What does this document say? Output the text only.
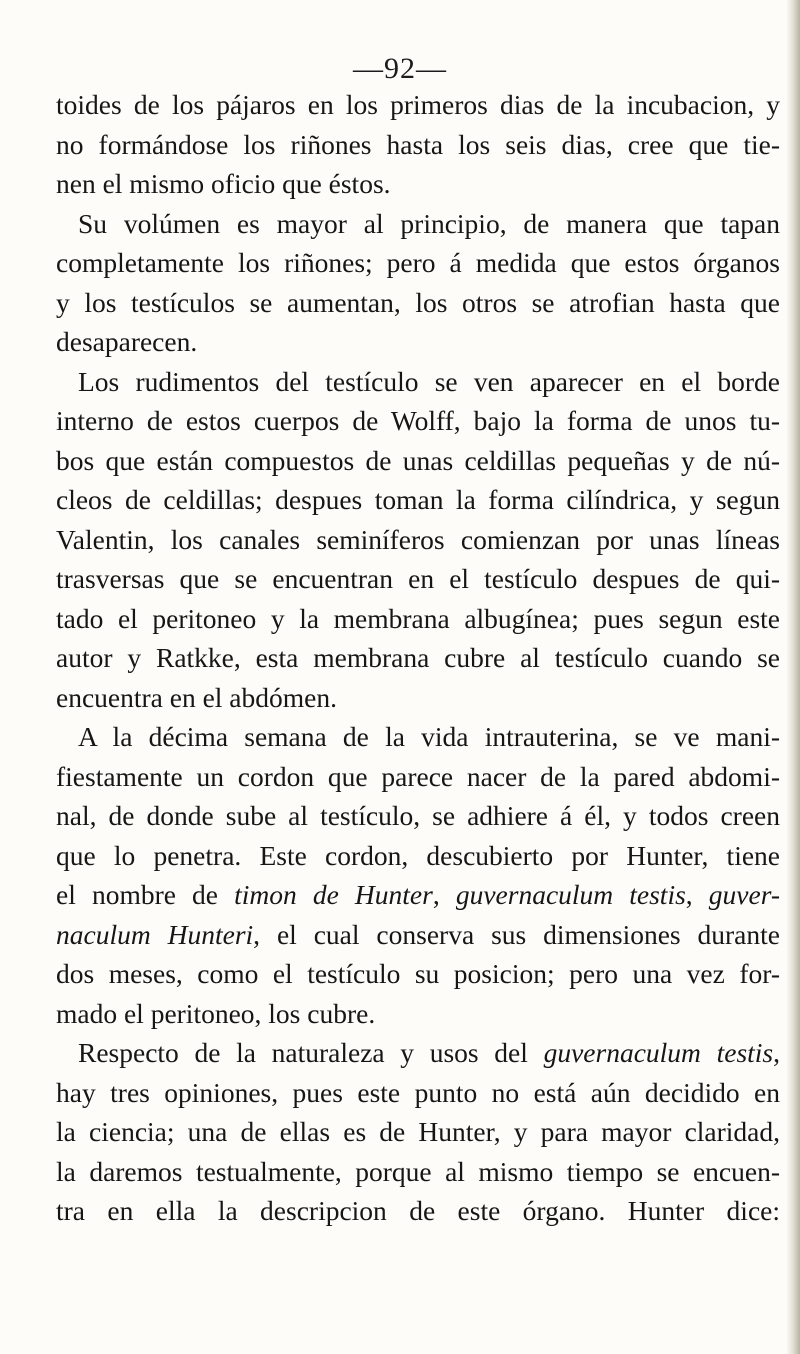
—92—
toides de los pájaros en los primeros dias de la incubacion, y
no formándose los riñones hasta los seis dias, cree que tie-
nen el mismo oficio que éstos.
Su volúmen es mayor al principio, de manera que tapan
completamente los riñones; pero á medida que estos órganos
y los testículos se aumentan, los otros se atrofian hasta que
desaparecen.
Los rudimentos del testículo se ven aparecer en el borde
interno de estos cuerpos de Wolff, bajo la forma de unos tu-
bos que están compuestos de unas celdillas pequeñas y de nú-
cleos de celdillas; despues toman la forma cilíndrica, y segun
Valentin, los canales seminíferos comienzan por unas líneas
trasversas que se encuentran en el testículo despues de qui-
tado el peritoneo y la membrana albugínea; pues segun este
autor y Ratkke, esta membrana cubre al testículo cuando se
encuentra en el abdómen.
A la décima semana de la vida intrauterina, se ve mani-
fiestamente un cordon que parece nacer de la pared abdomi-
nal, de donde sube al testículo, se adhiere á él, y todos creen
que lo penetra. Este cordon, descubierto por Hunter, tiene
el nombre de timon de Hunter, guvernaculum testis, guver-
naculum Hunteri, el cual conserva sus dimensiones durante
dos meses, como el testículo su posicion; pero una vez for-
mado el peritoneo, los cubre.
Respecto de la naturaleza y usos del guvernaculum testis,
hay tres opiniones, pues este punto no está aún decidido en
la ciencia; una de ellas es de Hunter, y para mayor claridad,
la daremos testualmente, porque al mismo tiempo se encuen-
tra en ella la descripcion de este órgano. Hunter dice:
